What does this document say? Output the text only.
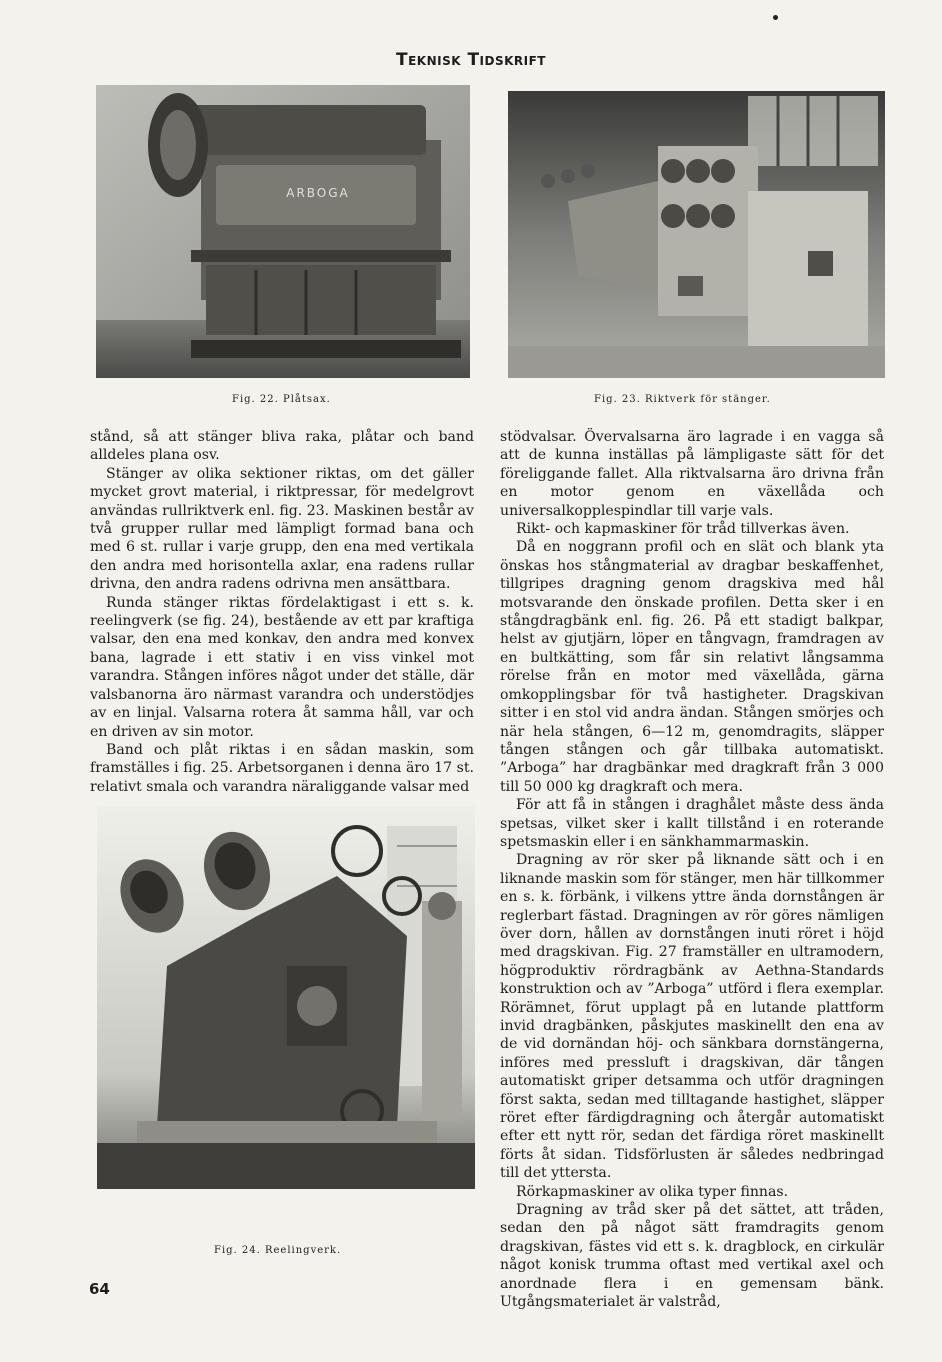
Teknisk Tidskrift
ARBOGA
Fig. 22. Plåtsax.	Fig. 23. Riktverk för stänger.

stånd, så att stänger bliva raka, plåtar och band alldeles plana osv.

Stänger av olika sektioner riktas, om det gäller mycket grovt material, i riktpressar, för medelgrovt användas rullriktverk enl. fig. 23. Maskinen består av två grupper rullar med lämpligt formad bana och med 6 st. rullar i varje grupp, den ena med vertikala den andra med horisontella axlar, ena radens rullar drivna, den andra radens odrivna men ansättbara.

Runda stänger riktas fördelaktigast i ett s. k. reelingverk (se fig. 24), bestående av ett par kraftiga valsar, den ena med konkav, den andra med konvex bana, lagrade i ett stativ i en viss vinkel mot varandra. Stången införes något under det ställe, där valsbanorna äro närmast varandra och understödjes av en linjal. Valsarna rotera åt samma håll, var och en driven av sin motor.

Band och plåt riktas i en sådan maskin, som framställes i fig. 25. Arbetsorganen i denna äro 17 st. relativt smala och varandra näraliggande valsar med

Fig. 24. Reelingverk.

stödvalsar. Övervalsarna äro lagrade i en vagga så att de kunna inställas på lämpligaste sätt för det föreliggande fallet. Alla riktvalsarna äro drivna från en motor genom en växellåda och universalkopplespindlar till varje vals.

Rikt- och kapmaskiner för tråd tillverkas även.

Då en noggrann profil och en slät och blank yta önskas hos stångmaterial av dragbar beskaffenhet, tillgripes dragning genom dragskiva med hål motsvarande den önskade profilen. Detta sker i en stångdragbänk enl. fig. 26. På ett stadigt balkpar, helst av gjutjärn, löper en tångvagn, framdragen av en bultkätting, som får sin relativt långsamma rörelse från en motor med växellåda, gärna omkopplingsbar för två hastigheter. Dragskivan sitter i en stol vid andra ändan. Stången smörjes och när hela stången, 6—12 m, genomdragits, släpper tången stången och går tillbaka automatiskt. ”Arboga” har dragbänkar med dragkraft från 3 000 till 50 000 kg dragkraft och mera.

För att få in stången i draghålet måste dess ända spetsas, vilket sker i kallt tillstånd i en roterande spetsmaskin eller i en sänkhammarmaskin.

Dragning av rör sker på liknande sätt och i en liknande maskin som för stänger, men här tillkommer en s. k. förbänk, i vilkens yttre ända dornstången är reglerbart fästad. Dragningen av rör göres nämligen över dorn, hållen av dornstången inuti röret i höjd med dragskivan. Fig. 27 framställer en ultramodern, högproduktiv rördragbänk av Aethna-Standards konstruktion och av ”Arboga” utförd i flera exemplar. Rörämnet, förut upplagt på en lutande plattform invid dragbänken, påskjutes maskinellt den ena av de vid dornändan höj- och sänkbara dornstängerna, införes med pressluft i dragskivan, där tången automatiskt griper detsamma och utför dragningen först sakta, sedan med tilltagande hastighet, släpper röret efter färdigdragning och återgår automatiskt efter ett nytt rör, sedan det färdiga röret maskinellt förts åt sidan. Tidsförlusten är således nedbringad till det yttersta.

Rörkapmaskiner av olika typer finnas.

Dragning av tråd sker på det sättet, att tråden, sedan den på något sätt framdragits genom dragskivan, fästes vid ett s. k. dragblock, en cirkulär något konisk trumma oftast med vertikal axel och anordnade flera i en gemensam bänk. Utgångsmaterialet är valstråd,

64
